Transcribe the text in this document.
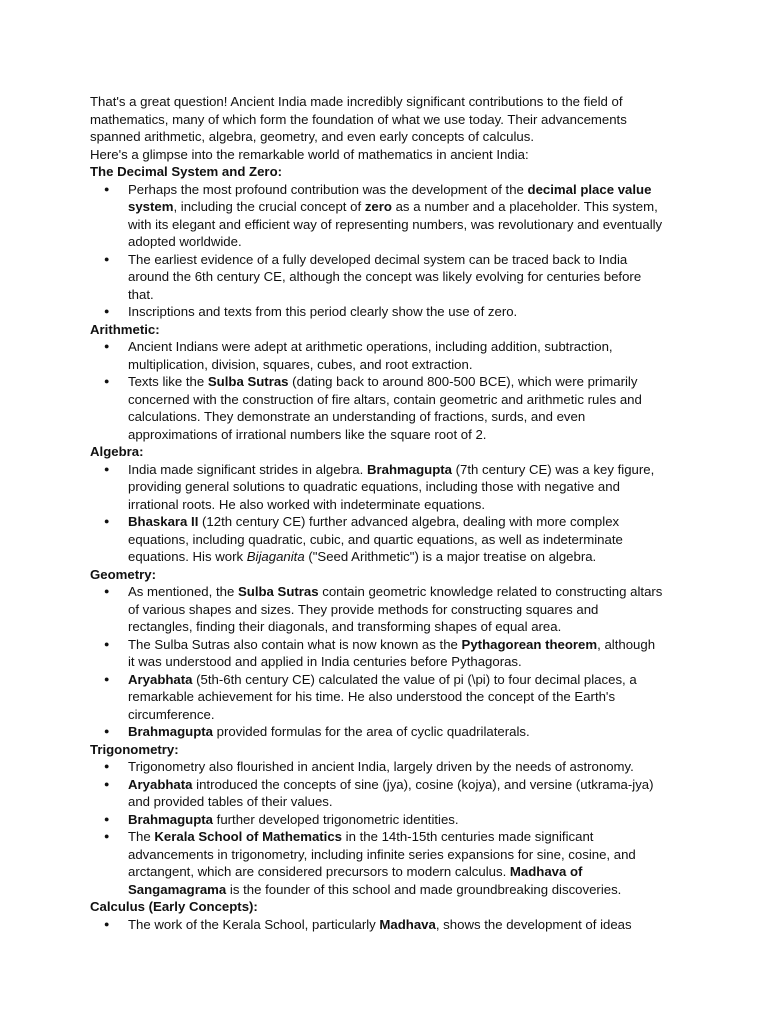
That's a great question! Ancient India made incredibly significant contributions to the field of mathematics, many of which form the foundation of what we use today. Their advancements spanned arithmetic, algebra, geometry, and even early concepts of calculus.

Here's a glimpse into the remarkable world of mathematics in ancient India:

The Decimal System and Zero:
● Perhaps the most profound contribution was the development of the decimal place value system, including the crucial concept of zero as a number and a placeholder. This system, with its elegant and efficient way of representing numbers, was revolutionary and eventually adopted worldwide.
● The earliest evidence of a fully developed decimal system can be traced back to India around the 6th century CE, although the concept was likely evolving for centuries before that.
● Inscriptions and texts from this period clearly show the use of zero.
Arithmetic:
● Ancient Indians were adept at arithmetic operations, including addition, subtraction, multiplication, division, squares, cubes, and root extraction.
● Texts like the Sulba Sutras (dating back to around 800-500 BCE), which were primarily concerned with the construction of fire altars, contain geometric and arithmetic rules and calculations. They demonstrate an understanding of fractions, surds, and even approximations of irrational numbers like the square root of 2.
Algebra:
● India made significant strides in algebra. Brahmagupta (7th century CE) was a key figure, providing general solutions to quadratic equations, including those with negative and irrational roots. He also worked with indeterminate equations.
● Bhaskara II (12th century CE) further advanced algebra, dealing with more complex equations, including quadratic, cubic, and quartic equations, as well as indeterminate equations. His work Bijaganita ("Seed Arithmetic") is a major treatise on algebra.
Geometry:
● As mentioned, the Sulba Sutras contain geometric knowledge related to constructing altars of various shapes and sizes. They provide methods for constructing squares and rectangles, finding their diagonals, and transforming shapes of equal area.
● The Sulba Sutras also contain what is now known as the Pythagorean theorem, although it was understood and applied in India centuries before Pythagoras.
● Aryabhata (5th-6th century CE) calculated the value of pi (\pi) to four decimal places, a remarkable achievement for his time. He also understood the concept of the Earth's circumference.
● Brahmagupta provided formulas for the area of cyclic quadrilaterals.
Trigonometry:
● Trigonometry also flourished in ancient India, largely driven by the needs of astronomy.
● Aryabhata introduced the concepts of sine (jya), cosine (kojya), and versine (utkrama-jya) and provided tables of their values.
● Brahmagupta further developed trigonometric identities.
● The Kerala School of Mathematics in the 14th-15th centuries made significant advancements in trigonometry, including infinite series expansions for sine, cosine, and arctangent, which are considered precursors to modern calculus. Madhava of Sangamagrama is the founder of this school and made groundbreaking discoveries.
Calculus (Early Concepts):
● The work of the Kerala School, particularly Madhava, shows the development of ideas
